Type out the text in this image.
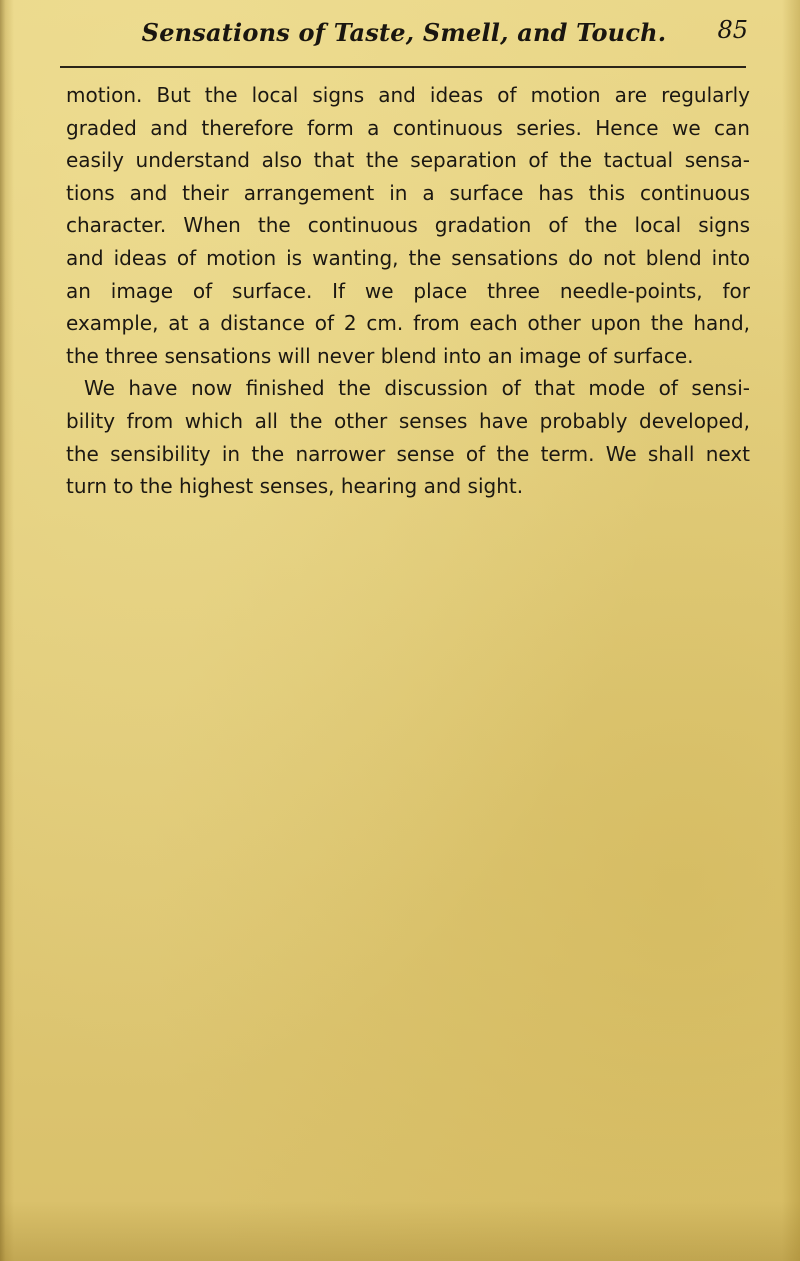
Sensations of Taste, Smell, and Touch.	85
motion. But the local signs and ideas of motion are regularly
graded and therefore form a continuous series. Hence we can
easily understand also that the separation of the tactual sensa-
tions and their arrangement in a surface has this continuous
character. When the continuous gradation of the local signs
and ideas of motion is wanting, the sensations do not blend into
an image of surface. If we place three needle-points, for
example, at a distance of 2 cm. from each other upon the hand,
the three sensations will never blend into an image of surface.
We have now finished the discussion of that mode of sensi-
bility from which all the other senses have probably developed,
the sensibility in the narrower sense of the term. We shall next
turn to the highest senses, hearing and sight.
